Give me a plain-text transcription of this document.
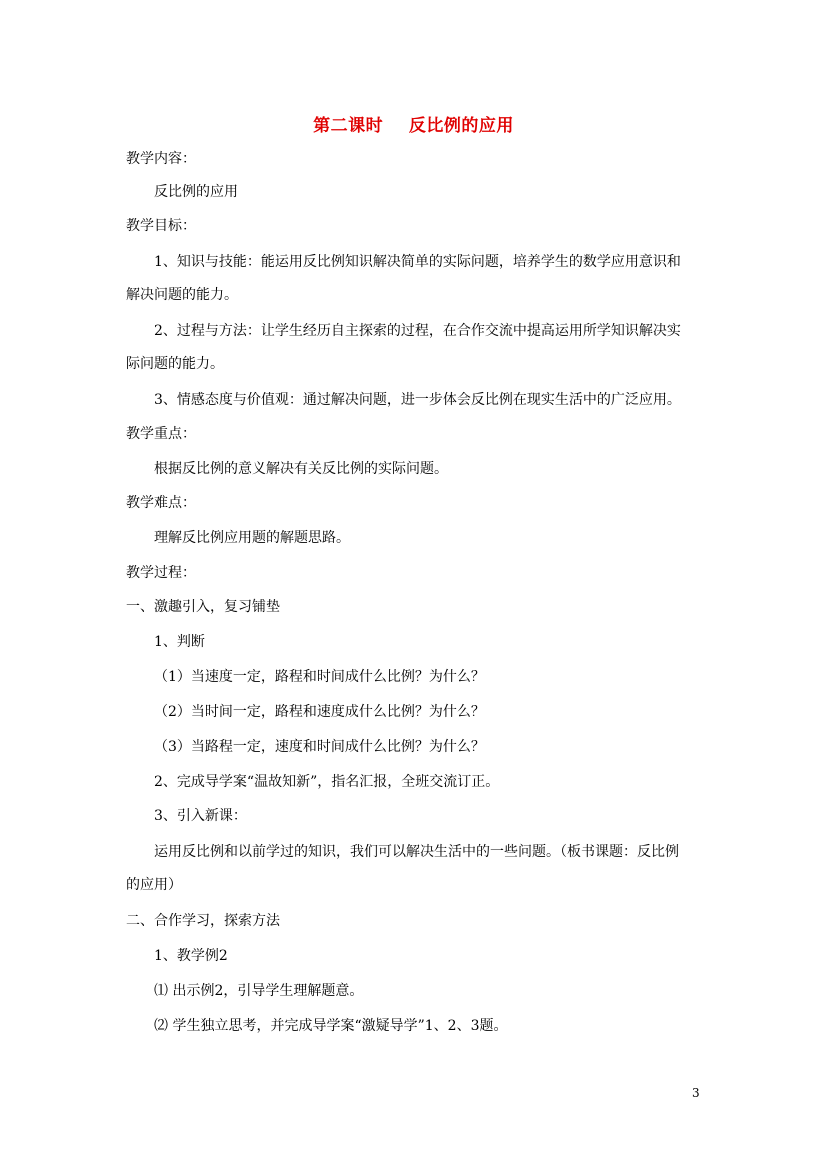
第二课时    反比例的应用
教学内容：
反比例的应用
教学目标：
1、知识与技能：能运用反比例知识解决简单的实际问题，培养学生的数学应用意识和
解决问题的能力。
2、过程与方法：让学生经历自主探索的过程，在合作交流中提高运用所学知识解决实
际问题的能力。
3、情感态度与价值观：通过解决问题，进一步体会反比例在现实生活中的广泛应用。
教学重点：
根据反比例的意义解决有关反比例的实际问题。
教学难点：
理解反比例应用题的解题思路。
教学过程：
一、激趣引入，复习铺垫
1、判断
（1）当速度一定，路程和时间成什么比例？为什么？
（2）当时间一定，路程和速度成什么比例？为什么？
（3）当路程一定，速度和时间成什么比例？为什么？
2、完成导学案“温故知新”，指名汇报，全班交流订正。
3、引入新课：
运用反比例和以前学过的知识，我们可以解决生活中的一些问题。（板书课题：反比例
的应用）
二、合作学习，探索方法
1、教学例2
⑴ 出示例2，引导学生理解题意。
⑵ 学生独立思考，并完成导学案“激疑导学”1、2、3题。
3
